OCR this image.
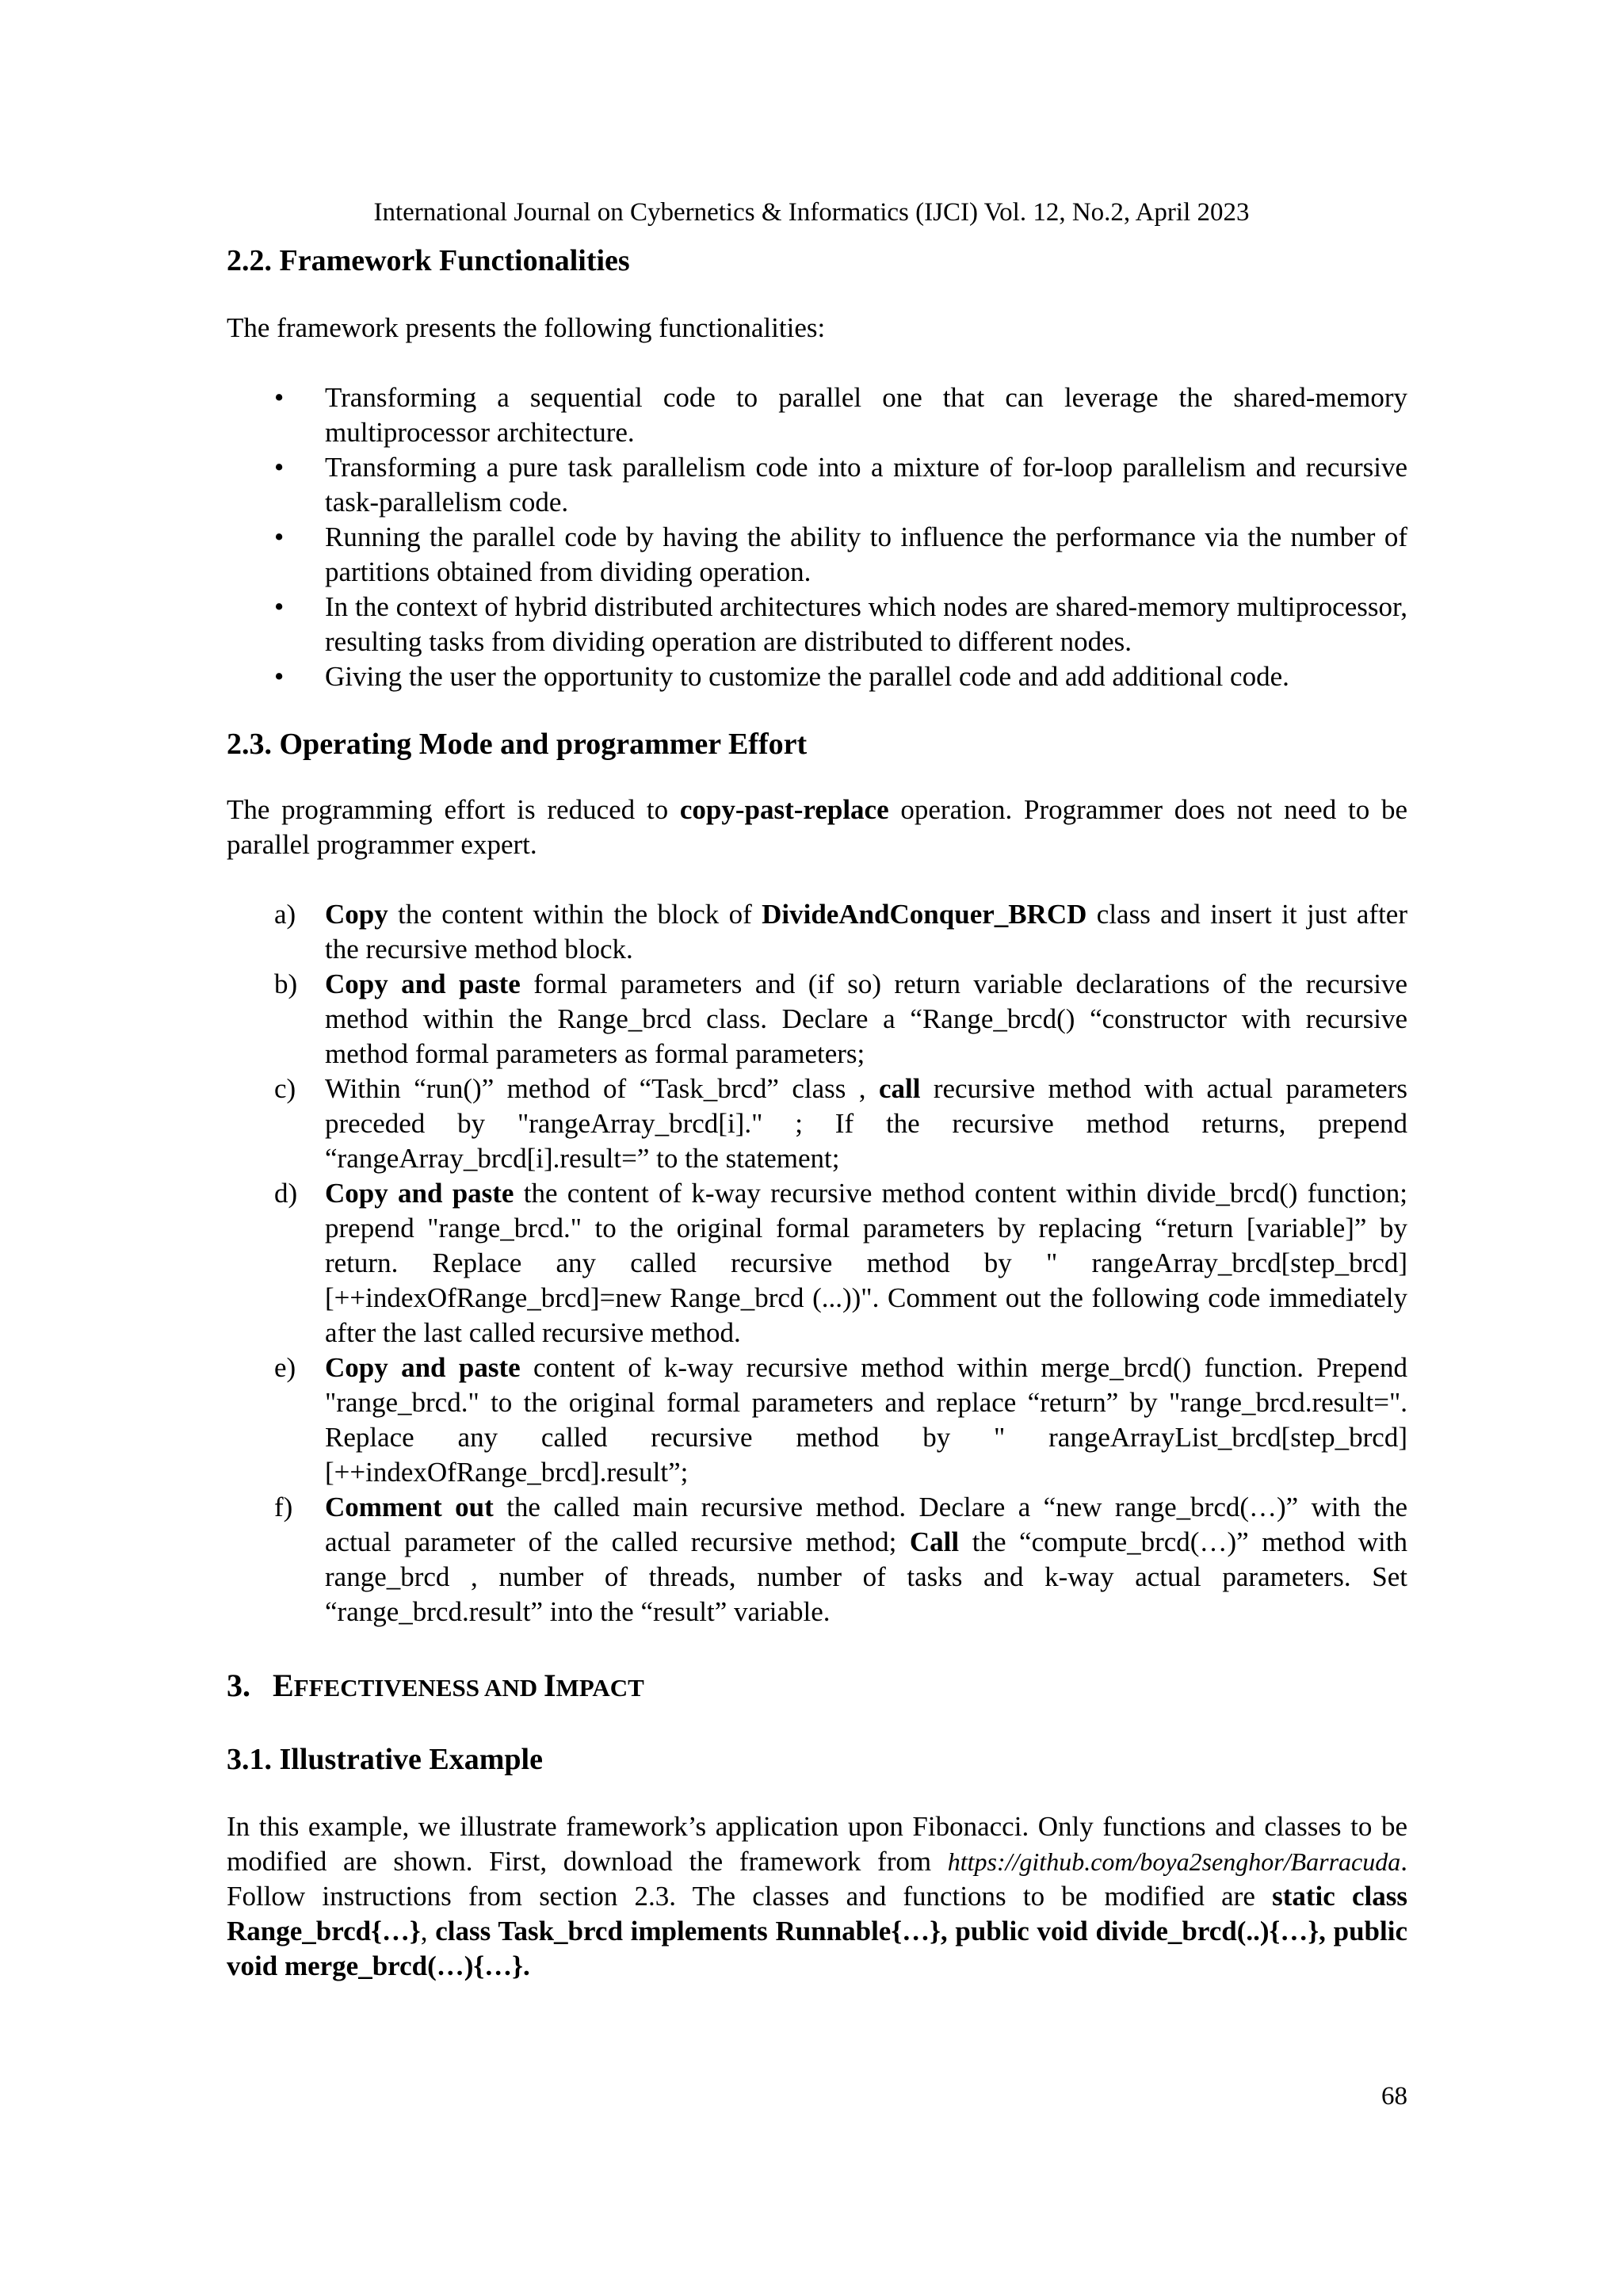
International Journal on Cybernetics & Informatics (IJCI) Vol. 12, No.2, April 2023
2.2. Framework Functionalities

The framework presents the following functionalities:

• Transforming a sequential code to parallel one that can leverage the shared-memory multiprocessor architecture.
• Transforming a pure task parallelism code into a mixture of for-loop parallelism and recursive task-parallelism code.
• Running the parallel code by having the ability to influence the performance via the number of partitions obtained from dividing operation.
• In the context of hybrid distributed architectures which nodes are shared-memory multiprocessor, resulting tasks from dividing operation are distributed to different nodes.
• Giving the user the opportunity to customize the parallel code and add additional code.
2.3. Operating Mode and programmer Effort

The programming effort is reduced to copy-past-replace operation. Programmer does not need to be parallel programmer expert.

a) Copy the content within the block of DivideAndConquer_BRCD class and insert it just after the recursive method block.
b) Copy and paste formal parameters and (if so) return variable declarations of the recursive method within the Range_brcd class. Declare a “Range_brcd() “constructor with recursive method formal parameters as formal parameters;
c) Within “run()” method of “Task_brcd” class , call recursive method with actual parameters preceded by "rangeArray_brcd[i]." ; If the recursive method returns, prepend “rangeArray_brcd[i].result=” to the statement;
d) Copy and paste the content of k-way recursive method content within divide_brcd() function; prepend "range_brcd." to the original formal parameters by replacing “return [variable]” by return. Replace any called recursive method by " rangeArray_brcd[step_brcd][++indexOfRange_brcd]=new Range_brcd (...))". Comment out the following code immediately after the last called recursive method.
e) Copy and paste content of k-way recursive method within merge_brcd() function. Prepend "range_brcd." to the original formal parameters and replace “return” by "range_brcd.result=". Replace any called recursive method by " rangeArrayList_brcd[step_brcd][++indexOfRange_brcd].result”;
f) Comment out the called main recursive method. Declare a “new range_brcd(…)” with the actual parameter of the called recursive method; Call the “compute_brcd(…)” method with range_brcd , number of threads, number of tasks and k-way actual parameters. Set “range_brcd.result” into the “result” variable.
3. EFFECTIVENESS AND IMPACT
3.1. Illustrative Example

In this example, we illustrate framework’s application upon Fibonacci. Only functions and classes to be modified are shown. First, download the framework from https://github.com/boya2senghor/Barracuda. Follow instructions from section 2.3. The classes and functions to be modified are static class Range_brcd{…}, class Task_brcd implements Runnable{…}, public void divide_brcd(..){…}, public void merge_brcd(…){…}.

68
